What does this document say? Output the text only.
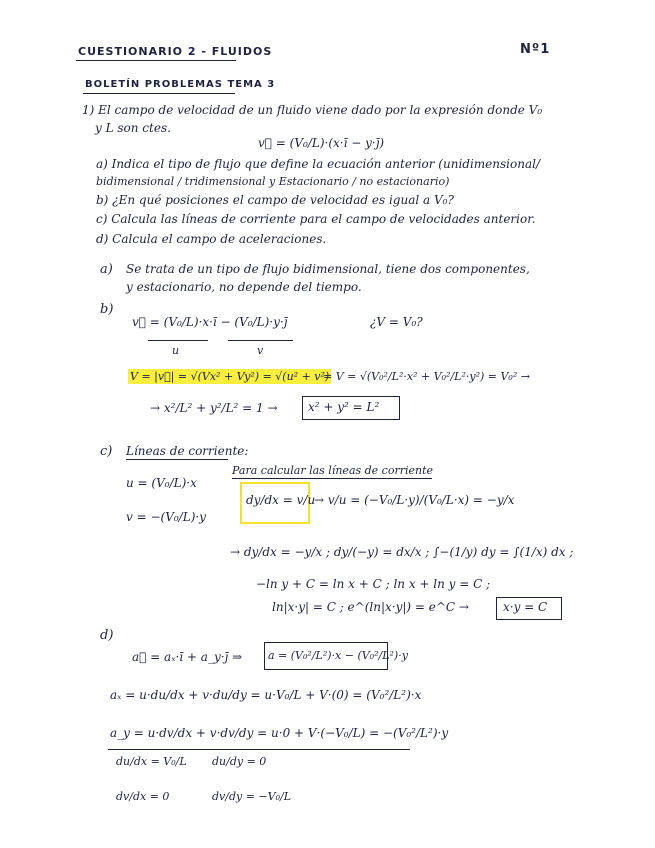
CUESTIONARIO 2 - FLUIDOS	Nº1
BOLETÍN PROBLEMAS TEMA 3
1) El campo de velocidad de un fluido viene dado por la expresión donde V₀
y L son ctes.
v⃗ = (V₀/L)·(x·ī − y·j̄)
a) Indica el tipo de flujo que define la ecuación anterior (unidimensional/
bidimensional / tridimensional y Estacionario / no estacionario)
b) ¿En qué posiciones el campo de velocidad es igual a V₀?
c) Calcula las líneas de corriente para el campo de velocidades anterior.
d) Calcula el campo de aceleraciones.
a) Se trata de un tipo de flujo bidimensional, tiene dos componentes,
y estacionario, no depende del tiempo.
b)
v⃗ = (V₀/L)·x·ī − (V₀/L)·y·j̄	¿V = V₀?
u	v
V = |v⃗| = √(Vx² + Vy²) = √(u² + v²)
= V = √(V₀²/L²·x² + V₀²/L²·y²) = V₀² →
→ x²/L² + y²/L² = 1 →	x² + y² = L²
c) Líneas de corriente:
u = (V₀/L)·x
v = −(V₀/L)·y
Para calcular las líneas de corriente
dy/dx = v/u
→ v/u = (−V₀/L·y)/(V₀/L·x) = −y/x
→ dy/dx = −y/x ; dy/(−y) = dx/x ; ∫−(1/y) dy = ∫(1/x) dx ;
−ln y + C = ln x + C ; ln x + ln y = C ;
ln|x·y| = C ; e^(ln|x·y|) = e^C →	x·y = C
d)
a⃗ = aₓ·ī + a_y·j̄ ⇒ a = (V₀²/L²)·x − (V₀²/L²)·y
aₓ = u·du/dx + v·du/dy = u·V₀/L + V·(0) = (V₀²/L²)·x
a_y = u·dv/dx + v·dv/dy = u·0 + V·(−V₀/L) = −(V₀²/L²)·y
du/dx = V₀/L du/dy = 0
dv/dx = 0	dv/dy = −V₀/L
